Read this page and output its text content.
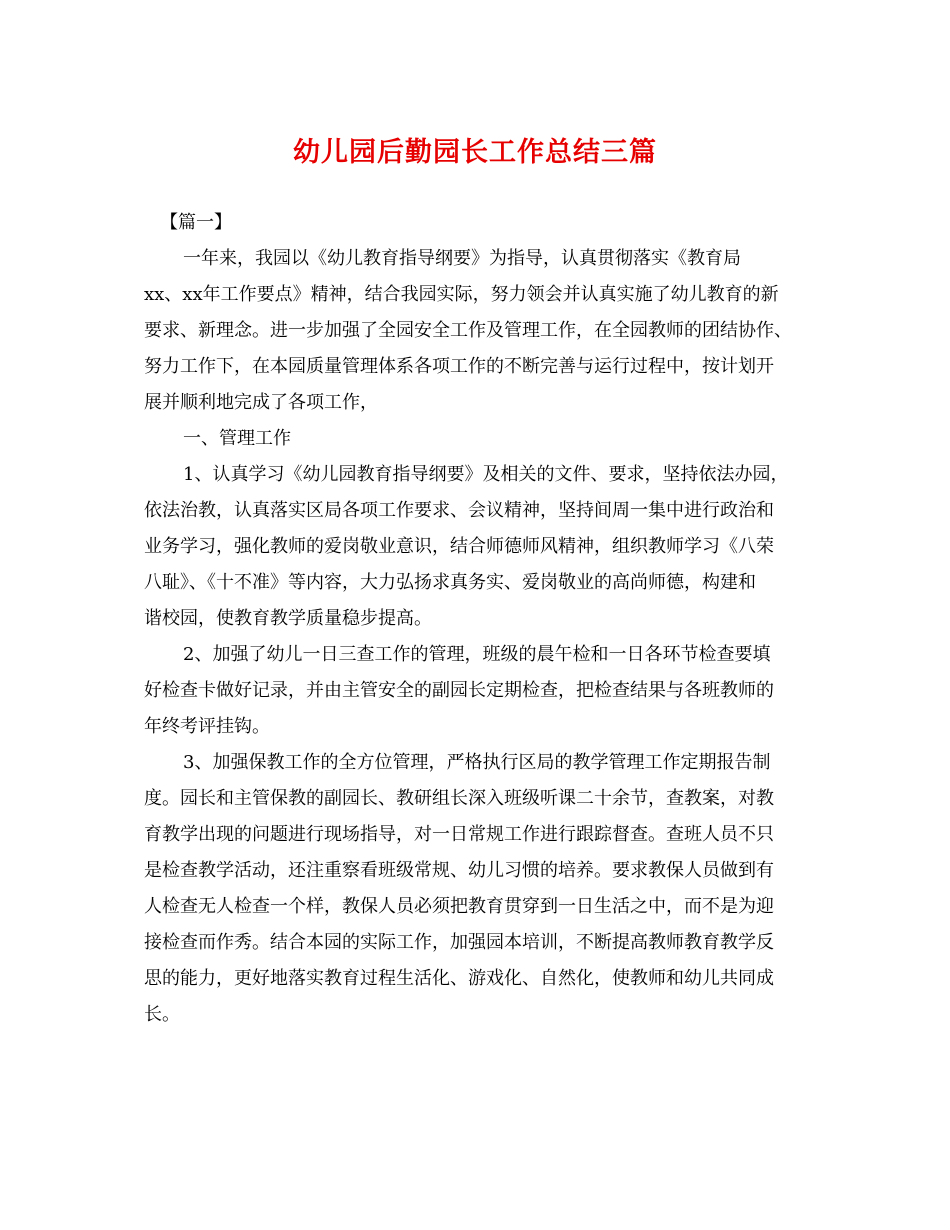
幼儿园后勤园长工作总结三篇
【篇一】
一年来，我园以《幼儿教育指导纲要》为指导，认真贯彻落实《教育局
xx、xx年工作要点》精神，结合我园实际，努力领会并认真实施了幼儿教育的新
要求、新理念。进一步加强了全园安全工作及管理工作，在全园教师的团结协作、
努力工作下，在本园质量管理体系各项工作的不断完善与运行过程中，按计划开
展并顺利地完成了各项工作，
一、管理工作
1、认真学习《幼儿园教育指导纲要》及相关的文件、要求，坚持依法办园，
依法治教，认真落实区局各项工作要求、会议精神，坚持间周一集中进行政治和
业务学习，强化教师的爱岗敬业意识，结合师德师风精神，组织教师学习《八荣
八耻》、《十不准》等内容，大力弘扬求真务实、爱岗敬业的高尚师德，构建和
谐校园，使教育教学质量稳步提高。
2、加强了幼儿一日三查工作的管理，班级的晨午检和一日各环节检查要填
好检查卡做好记录，并由主管安全的副园长定期检查，把检查结果与各班教师的
年终考评挂钩。
3、加强保教工作的全方位管理，严格执行区局的教学管理工作定期报告制
度。园长和主管保教的副园长、教研组长深入班级听课二十余节，查教案，对教
育教学出现的问题进行现场指导，对一日常规工作进行跟踪督查。查班人员不只
是检查教学活动，还注重察看班级常规、幼儿习惯的培养。要求教保人员做到有
人检查无人检查一个样，教保人员必须把教育贯穿到一日生活之中，而不是为迎
接检查而作秀。结合本园的实际工作，加强园本培训，不断提高教师教育教学反
思的能力，更好地落实教育过程生活化、游戏化、自然化，使教师和幼儿共同成
长。
